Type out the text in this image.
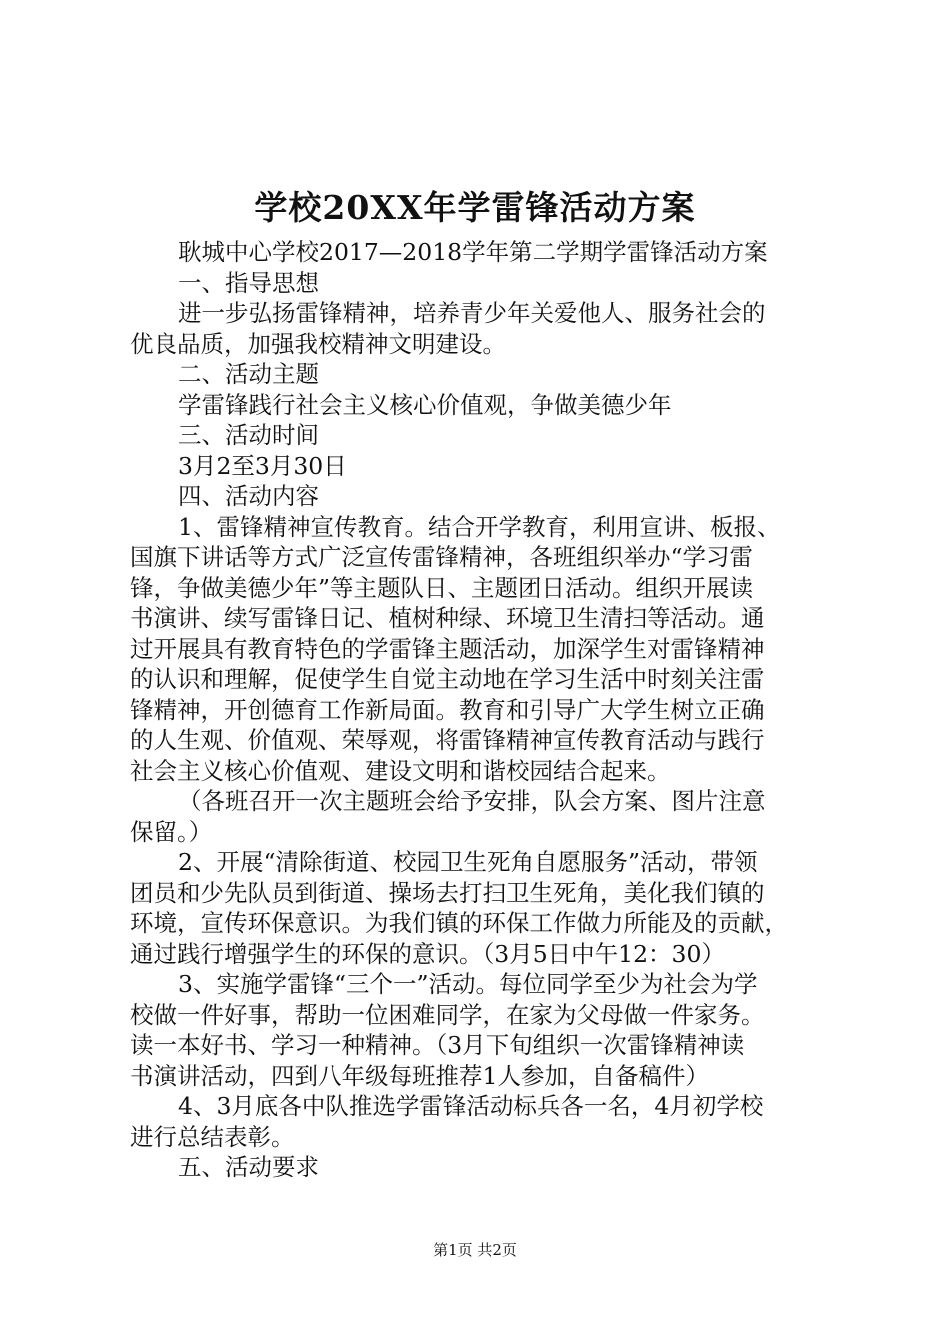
学校20XX年学雷锋活动方案

耿城中心学校2017—2018学年第二学期学雷锋活动方案

一、指导思想

进一步弘扬雷锋精神，培养青少年关爱他人、服务社会的

优良品质，加强我校精神文明建设。

二、活动主题

学雷锋践行社会主义核心价值观，争做美德少年

三、活动时间

3月2至3月30日

四、活动内容

1、雷锋精神宣传教育。结合开学教育，利用宣讲、板报、

国旗下讲话等方式广泛宣传雷锋精神，各班组织举办“学习雷

锋，争做美德少年”等主题队日、主题团日活动。组织开展读

书演讲、续写雷锋日记、植树种绿、环境卫生清扫等活动。通

过开展具有教育特色的学雷锋主题活动，加深学生对雷锋精神

的认识和理解，促使学生自觉主动地在学习生活中时刻关注雷

锋精神，开创德育工作新局面。教育和引导广大学生树立正确

的人生观、价值观、荣辱观，将雷锋精神宣传教育活动与践行

社会主义核心价值观、建设文明和谐校园结合起来。

（各班召开一次主题班会给予安排，队会方案、图片注意

保留。）

2、开展“清除街道、校园卫生死角自愿服务”活动，带领

团员和少先队员到街道、操场去打扫卫生死角，美化我们镇的

环境，宣传环保意识。为我们镇的环保工作做力所能及的贡献，

通过践行增强学生的环保的意识。（3月5日中午12：30）

3、实施学雷锋“三个一”活动。每位同学至少为社会为学

校做一件好事，帮助一位困难同学，在家为父母做一件家务。

读一本好书、学习一种精神。（3月下旬组织一次雷锋精神读

书演讲活动，四到八年级每班推荐1人参加，自备稿件）

4、3月底各中队推选学雷锋活动标兵各一名，4月初学校

进行总结表彰。

五、活动要求

第1页 共2页
